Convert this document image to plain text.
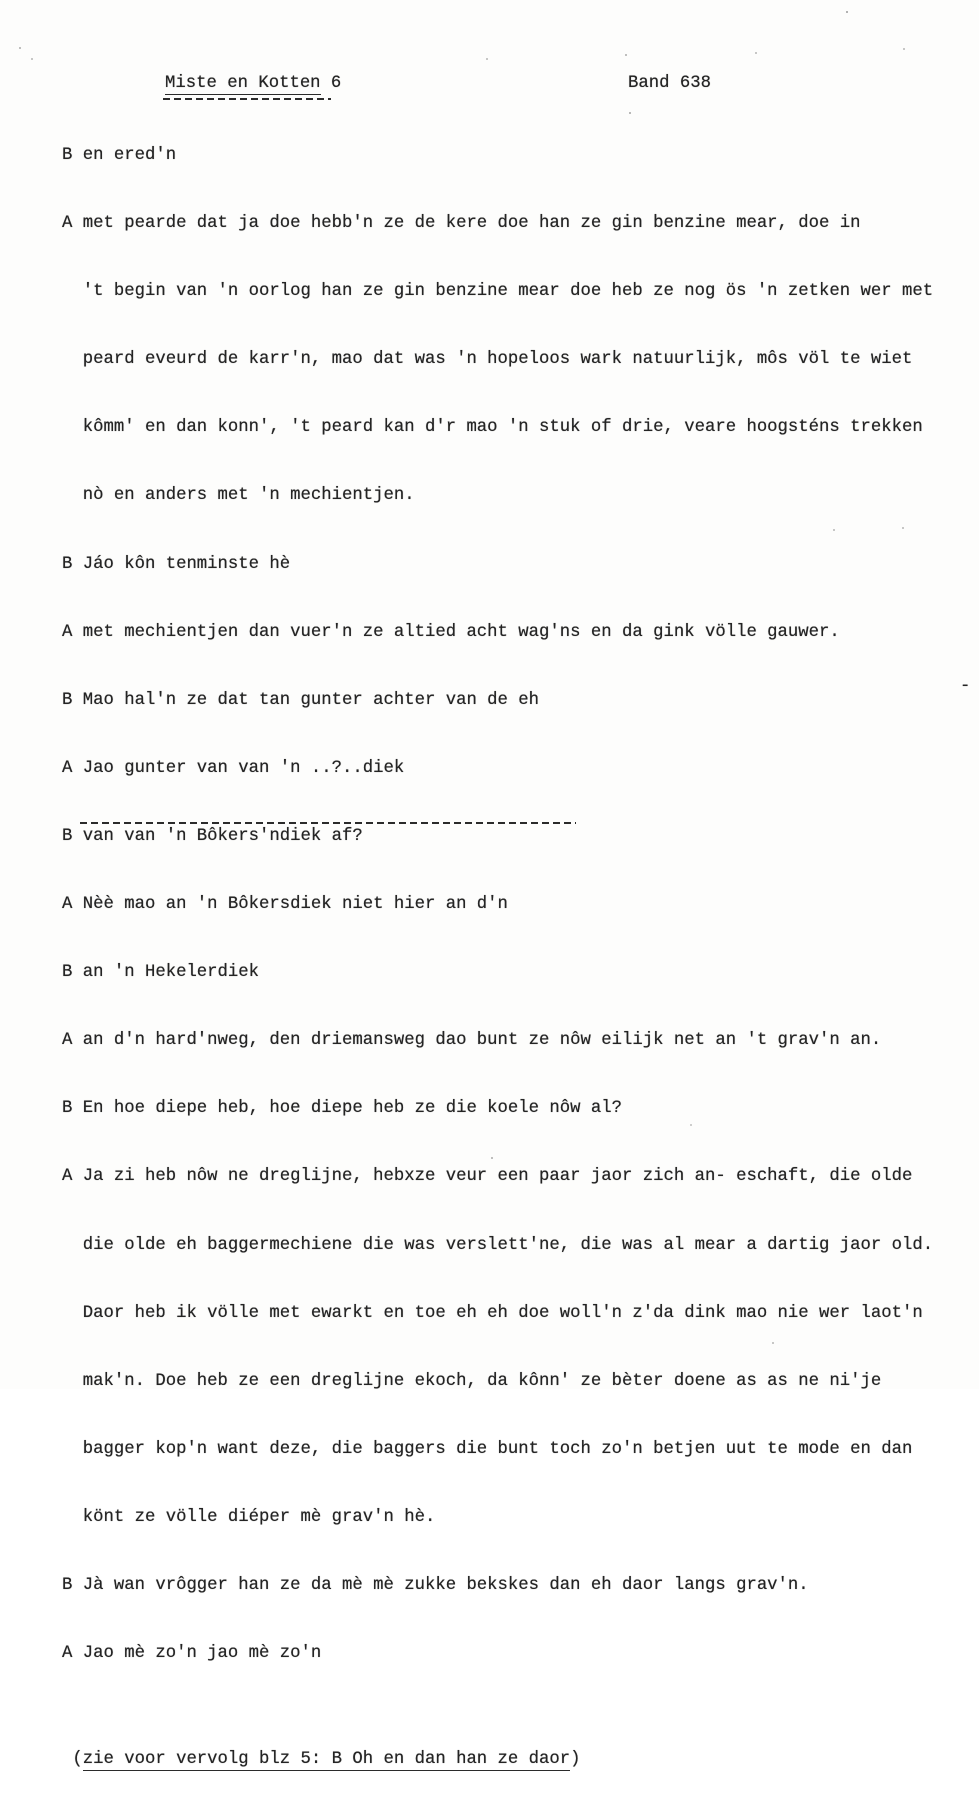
Miste en Kotten 6	Band 638

B en ered'n

A met pearde dat ja doe hebb'n ze de kere doe han ze gin benzine mear, doe in

't begin van 'n oorlog han ze gin benzine mear doe heb ze nog ös 'n zetken wer met

peard eveurd de karr'n, mao dat was 'n hopeloos wark natuurlijk, môs völ te wiet

kômm' en dan konn', 't peard kan d'r mao 'n stuk of drie, veare hoogsténs trekken

nò en anders met 'n mechientjen.

B Jáo kôn tenminste hè

A met mechientjen dan vuer'n ze altied acht wag'ns en da gink völle gauwer.

B Mao hal'n ze dat tan gunter achter van de eh

A Jao gunter van van 'n ..?..diek

B van van 'n Bôkers'ndiek af?

A Nèè mao an 'n Bôkersdiek niet hier an d'n

B an 'n Hekelerdiek

A an d'n hard'nweg, den driemansweg dao bunt ze nôw eilijk net an 't grav'n an.

B En hoe diepe heb, hoe diepe heb ze die koele nôw al?

A Ja zi heb nôw ne dreglijne, hebxze veur een paar jaor zich an- eschaft, die olde

die olde eh baggermechiene die was verslett'ne, die was al mear a dartig jaor old.

Daor heb ik völle met ewarkt en toe eh eh doe woll'n z'da dink mao nie wer laot'n

mak'n. Doe heb ze een dreglijne ekoch, da kônn' ze bèter doene as as ne ni'je

bagger kop'n want deze, die baggers die bunt toch zo'n betjen uut te mode en dan

könt ze völle diéper mè grav'n hè.

B Jà wan vrôgger han ze da mè mè zukke bekskes dan eh daor langs grav'n.

A Jao mè zo'n jao mè zo'n

(zie voor vervolg blz 5: B Oh en dan han ze daor)

-
